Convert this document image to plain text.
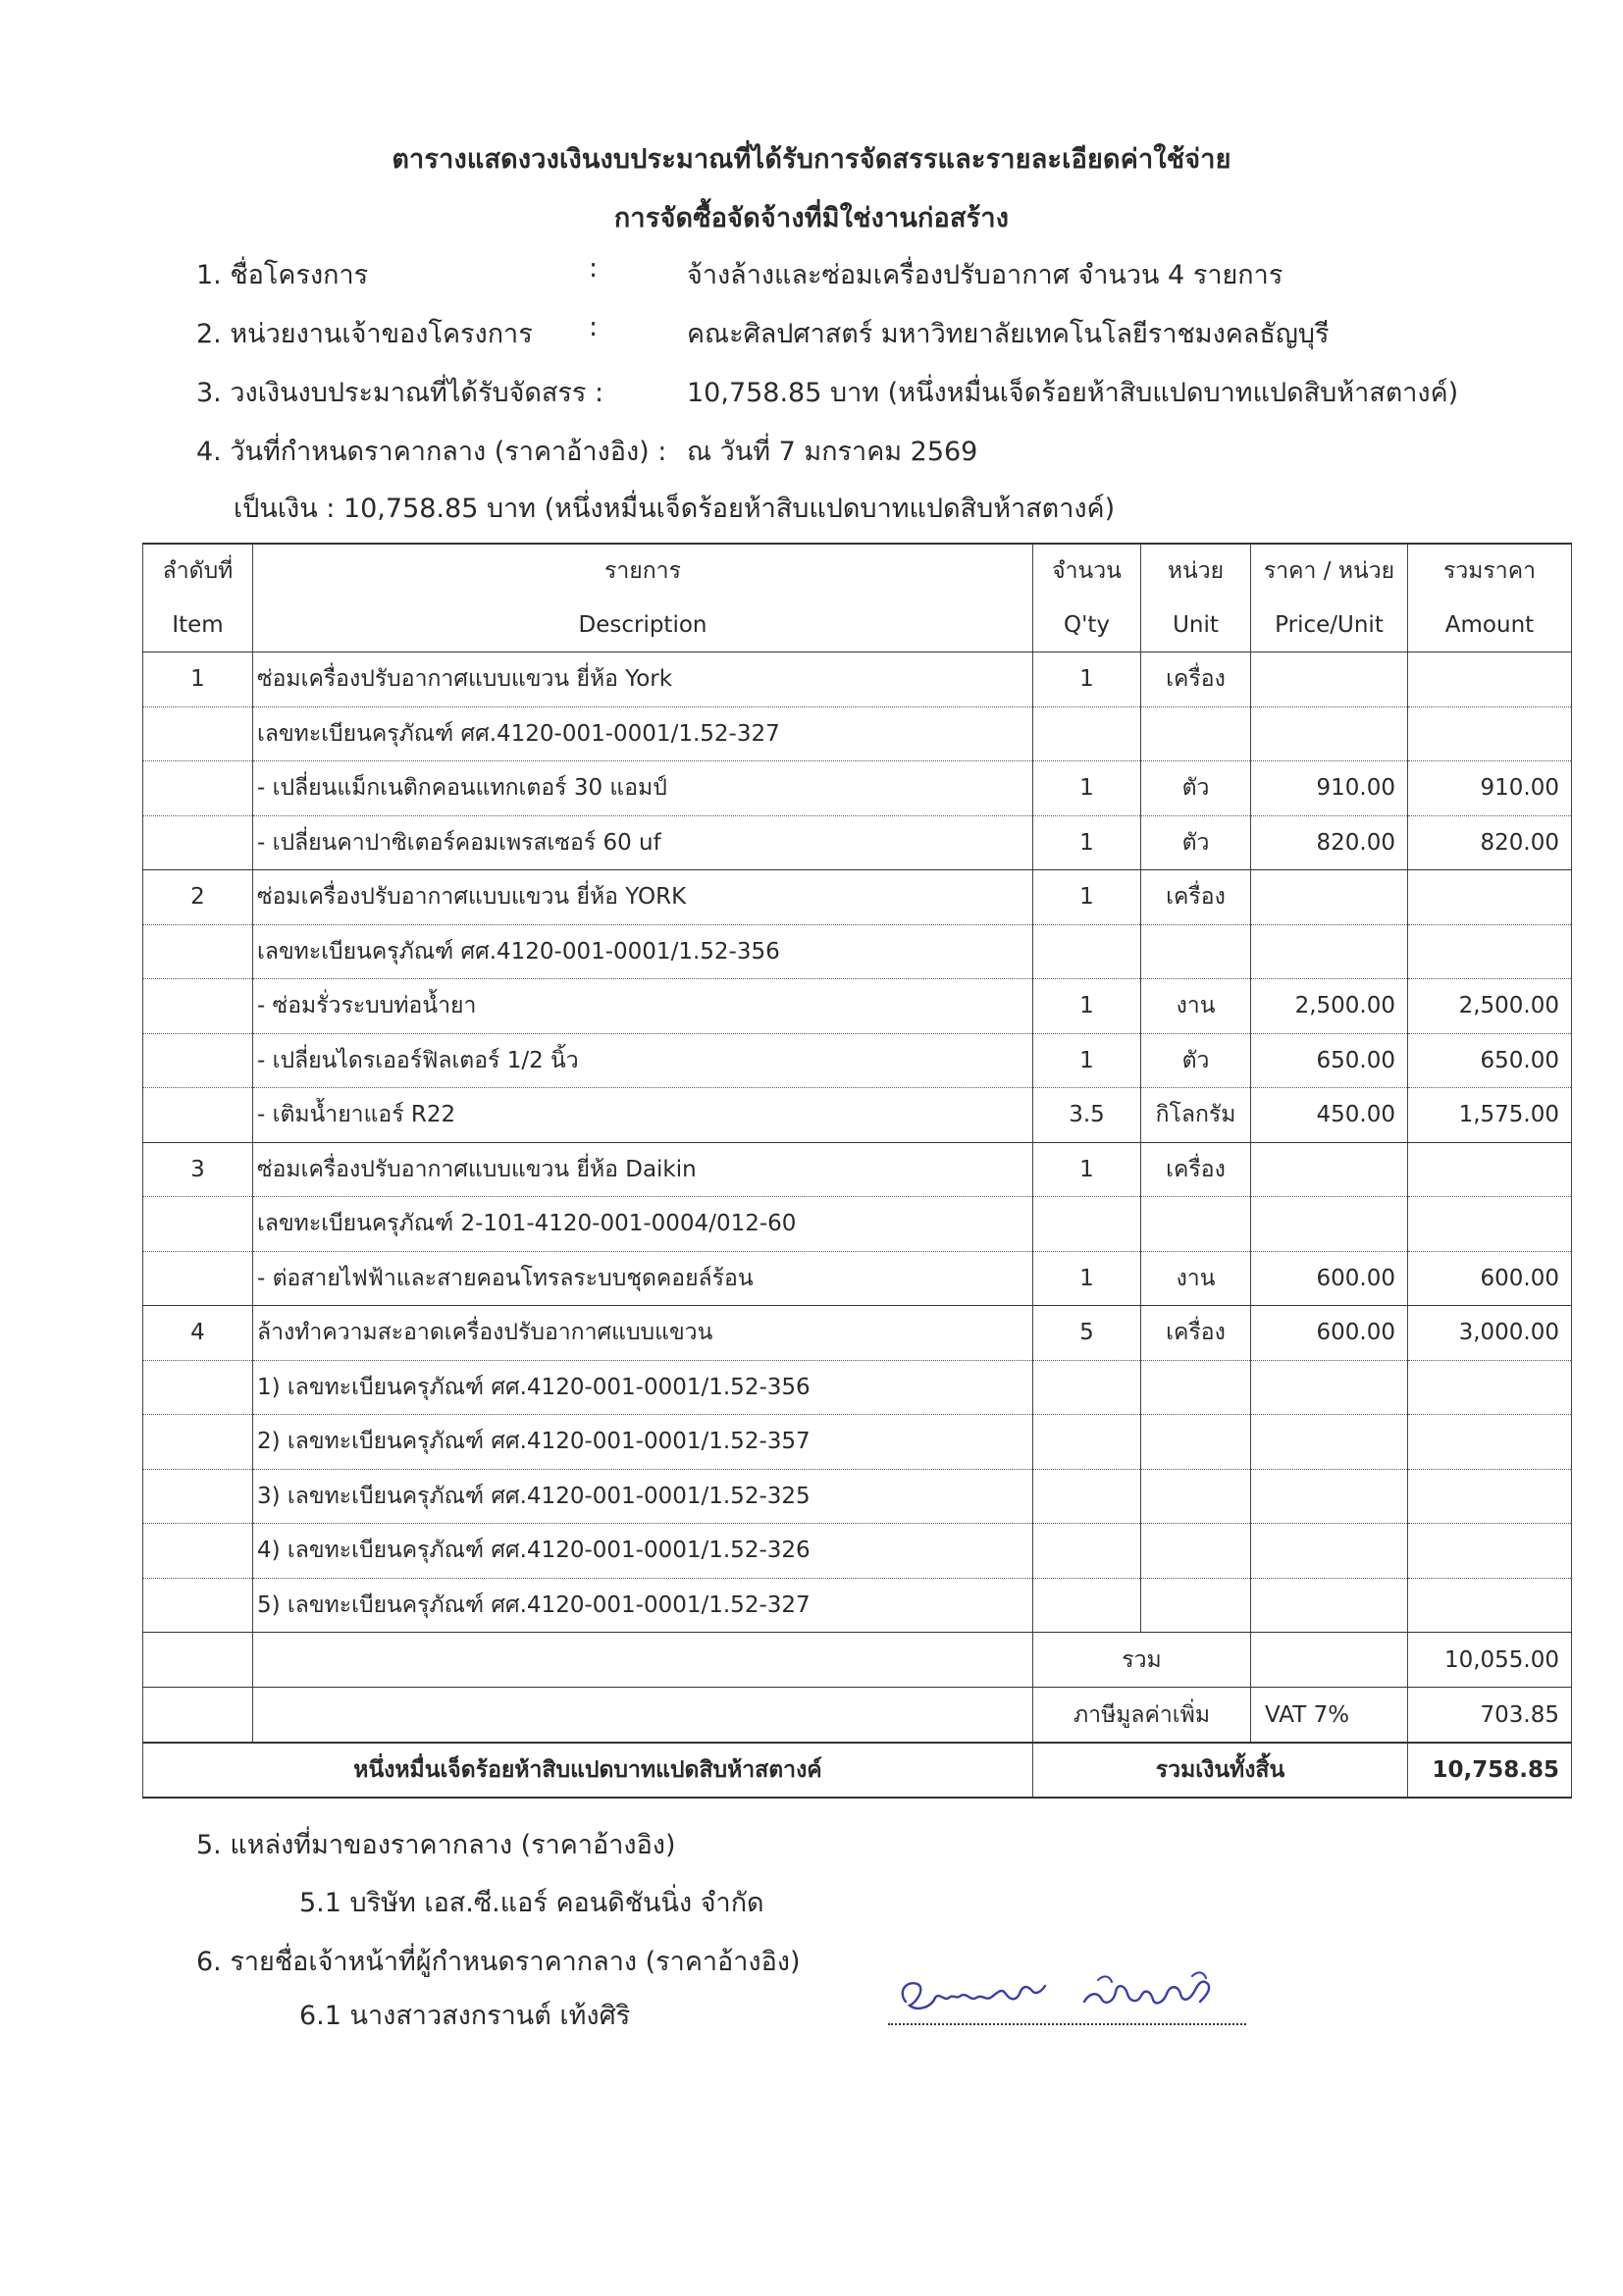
ตารางแสดงวงเงินงบประมาณที่ได้รับการจัดสรรและรายละเอียดค่าใช้จ่าย
การจัดซื้อจัดจ้างที่มิใช่งานก่อสร้าง
1. ชื่อโครงการ	:	จ้างล้างและซ่อมเครื่องปรับอากาศ จำนวน 4 รายการ
2. หน่วยงานเจ้าของโครงการ :	คณะศิลปศาสตร์ มหาวิทยาลัยเทคโนโลยีราชมงคลธัญบุรี
3. วงเงินงบประมาณที่ได้รับจัดสรร :	10,758.85 บาท (หนึ่งหมื่นเจ็ดร้อยห้าสิบแปดบาทแปดสิบห้าสตางค์)
4. วันที่กำหนดราคากลาง (ราคาอ้างอิง) : ณ วันที่ 7 มกราคม 2569
เป็นเงิน : 10,758.85 บาท (หนึ่งหมื่นเจ็ดร้อยห้าสิบแปดบาทแปดสิบห้าสตางค์)
ลำดับที่	รายการ	จำนวน	หน่วย	ราคา / หน่วย	รวมราคา
Item	Description	Q'ty	Unit	Price/Unit	Amount
1	ซ่อมเครื่องปรับอากาศแบบแขวน ยี่ห้อ York	1	เครื่อง		
	เลขทะเบียนครุภัณฑ์ ศศ.4120-001-0001/1.52-327				
	- เปลี่ยนแม็กเนติกคอนแทกเตอร์ 30 แอมป์	1	ตัว	910.00	910.00
	- เปลี่ยนคาปาซิเตอร์คอมเพรสเซอร์ 60 uf	1	ตัว	820.00	820.00
2	ซ่อมเครื่องปรับอากาศแบบแขวน ยี่ห้อ YORK	1	เครื่อง		
	เลขทะเบียนครุภัณฑ์ ศศ.4120-001-0001/1.52-356				
	- ซ่อมรั่วระบบท่อน้ำยา	1	งาน	2,500.00	2,500.00
	- เปลี่ยนไดรเออร์ฟิลเตอร์ 1/2 นิ้ว	1	ตัว	650.00	650.00
	- เติมน้ำยาแอร์ R22	3.5	กิโลกรัม	450.00	1,575.00
3	ซ่อมเครื่องปรับอากาศแบบแขวน ยี่ห้อ Daikin	1	เครื่อง		
	เลขทะเบียนครุภัณฑ์ 2-101-4120-001-0004/012-60				
	- ต่อสายไฟฟ้าและสายคอนโทรลระบบชุดคอยล์ร้อน	1	งาน	600.00	600.00
4	ล้างทำความสะอาดเครื่องปรับอากาศแบบแขวน	5	เครื่อง	600.00	3,000.00
	1) เลขทะเบียนครุภัณฑ์ ศศ.4120-001-0001/1.52-356				
	2) เลขทะเบียนครุภัณฑ์ ศศ.4120-001-0001/1.52-357				
	3) เลขทะเบียนครุภัณฑ์ ศศ.4120-001-0001/1.52-325				
	4) เลขทะเบียนครุภัณฑ์ ศศ.4120-001-0001/1.52-326				
	5) เลขทะเบียนครุภัณฑ์ ศศ.4120-001-0001/1.52-327				
		รวม			10,055.00
		ภาษีมูลค่าเพิ่ม		VAT 7%	703.85
หนึ่งหมื่นเจ็ดร้อยห้าสิบแปดบาทแปดสิบห้าสตางค์		รวมเงินทั้งสิ้น			10,758.85
5. แหล่งที่มาของราคากลาง (ราคาอ้างอิง)
5.1 บริษัท เอส.ซี.แอร์ คอนดิชันนิ่ง จำกัด
6. รายชื่อเจ้าหน้าที่ผู้กำหนดราคากลาง (ราคาอ้างอิง)
6.1 นางสาวสงกรานต์ เท้งศิริ
